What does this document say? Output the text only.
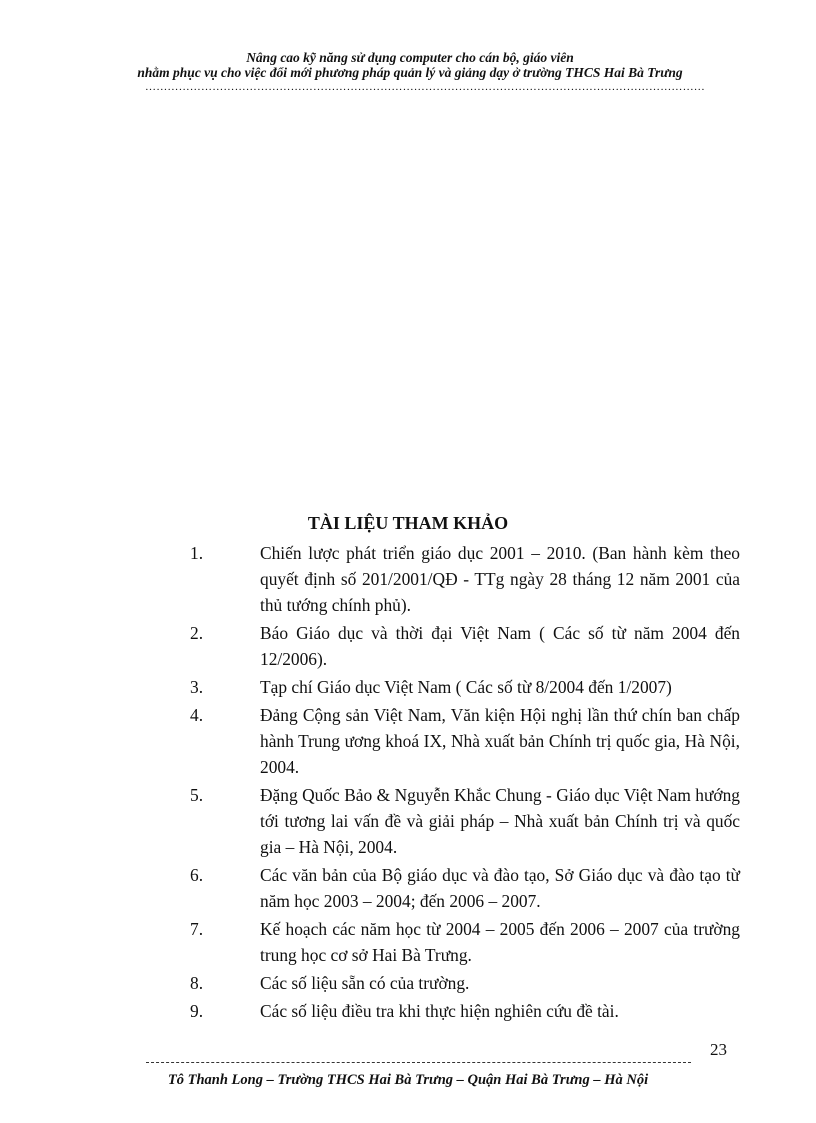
Nâng cao kỹ năng sử dụng computer cho cán bộ, giáo viên
nhằm phục vụ cho việc đổi mới phương pháp quản lý và giảng dạy ở trường THCS Hai Bà Trưng
……………………………………………………………………………………………………………………………………
TÀI LIỆU THAM KHẢO
1.	Chiến lược phát triển giáo dục 2001 – 2010. (Ban hành kèm theo quyết định số 201/2001/QĐ - TTg ngày 28 tháng 12 năm 2001 của thủ tướng chính phủ).
2.	Báo Giáo dục và thời đại Việt Nam ( Các số từ năm 2004 đến 12/2006).
3.	Tạp chí Giáo dục Việt Nam ( Các số từ 8/2004 đến 1/2007)
4.	Đảng Cộng sản Việt Nam, Văn kiện Hội nghị lần thứ chín ban chấp hành Trung ương khoá IX, Nhà xuất bản Chính trị quốc gia, Hà Nội, 2004.
5.	Đặng Quốc Bảo & Nguyễn Khắc Chung - Giáo dục Việt Nam hướng tới tương lai vấn đề và giải pháp – Nhà xuất bản Chính trị và quốc gia – Hà Nội, 2004.
6.	Các văn bản của Bộ giáo dục và đào tạo, Sở Giáo dục và đào tạo từ năm học 2003 – 2004; đến 2006 – 2007.
7.	Kế hoạch các năm học từ 2004 – 2005 đến 2006 – 2007 của trường trung học cơ sở Hai Bà Trưng.
8.	Các số liệu sẵn có của trường.
9.	Các số liệu điều tra khi thực hiện nghiên cứu đề tài.
23
Tô Thanh Long – Trường THCS Hai Bà Trưng – Quận Hai Bà Trưng – Hà Nội
